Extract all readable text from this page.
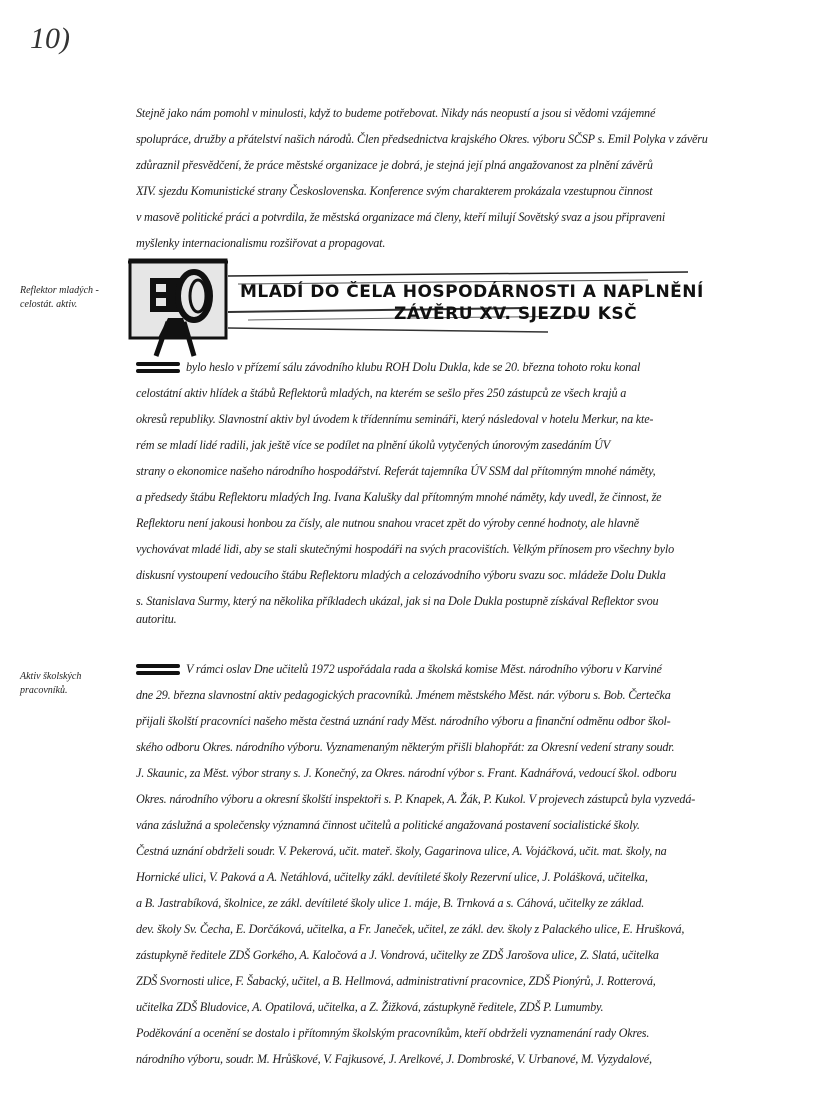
10)
Stejně jako nám pomohl v minulosti, když to budeme potřebovat. Nikdy nás neopustí a jsou si vědomi vzájemné
spolupráce, družby a přátelství našich národů. Člen předsednictva krajského Okres. výboru SČSP s. Emil Polyka v závěru
zdůraznil přesvědčení, že práce městské organizace je dobrá, je stejná její plná angažovanost za plnění závěrů
XIV. sjezdu Komunistické strany Československa. Konference svým charakterem prokázala vzestupnou činnost
v masově politické práci a potvrdila, že městská organizace má členy, kteří milují Sovětský svaz a jsou připraveni
myšlenky internacionalismu rozšiřovat a propagovat.
Reflektor mladých - celostát. aktiv.
MLADÍ DO ČELA HOSPODÁRNOSTI A NAPLNĚNÍ
ZÁVĚRU XV. SJEZDU KSČ
bylo heslo v přízemí sálu závodního klubu ROH Dolu Dukla, kde se 20. března tohoto roku konal
celostátní aktiv hlídek a štábů Reflektorů mladých, na kterém se sešlo přes 250 zástupců ze všech krajů a
okresů republiky. Slavnostní aktiv byl úvodem k třídennímu semináři, který následoval v hotelu Merkur, na kte-
rém se mladí lidé radili, jak ještě více se podílet na plnění úkolů vytyčených únorovým zasedáním ÚV
strany o ekonomice našeho národního hospodářství. Referát tajemníka ÚV SSM dal přítomným mnohé náměty,
a předsedy štábu Reflektoru mladých Ing. Ivana Kalušky dal přítomným mnohé náměty, kdy uvedl, že činnost, že
Reflektoru není jakousi honbou za čísly, ale nutnou snahou vracet zpět do výroby cenné hodnoty, ale hlavně
vychovávat mladé lidi, aby se stali skutečnými hospodáři na svých pracovištích. Velkým přínosem pro všechny bylo
diskusní vystoupení vedoucího štábu Reflektoru mladých a celozávodního výboru svazu soc. mládeže Dolu Dukla
s. Stanislava Surmy, který na několika příkladech ukázal, jak si na Dole Dukla postupně získával Reflektor svou
autoritu.
Aktiv školských pracovníků.
V rámci oslav Dne učitelů 1972 uspořádala rada a školská komise Měst. národního výboru v Karviné
dne 29. března slavnostní aktiv pedagogických pracovníků. Jménem městského Měst. nár. výboru s. Bob. Čertečka
přijali školští pracovníci našeho města čestná uznání rady Měst. národního výboru a finanční odměnu odbor škol-
ského odboru Okres. národního výboru. Vyznamenaným některým přišli blahopřát: za Okresní vedení strany soudr.
J. Skaunic, za Měst. výbor strany s. J. Konečný, za Okres. národní výbor s. Frant. Kadnářová, vedoucí škol. odboru
Okres. národního výboru a okresní školští inspektoři s. P. Knapek, A. Žák, P. Kukol. V projevech zástupců byla vyzvedá-
vána záslužná a společensky významná činnost učitelů a politické angažovaná postavení socialistické školy.
Čestná uznání obdrželi soudr. V. Pekerová, učit. mateř. školy, Gagarinova ulice, A. Vojáčková, učit. mat. školy, na
Hornické ulici, V. Paková a A. Netáhlová, učitelky zákl. devítileté školy Rezervní ulice, J. Polášková, učitelka,
a B. Jastrabíková, školnice, ze zákl. devítileté školy ulice 1. máje, B. Trnková a s. Cáhová, učitelky ze základ.
dev. školy Sv. Čecha, E. Dorčáková, učitelka, a Fr. Janeček, učitel, ze zákl. dev. školy z Palackého ulice, E. Hrušková,
zástupkyně ředitele ZDŠ Gorkého, A. Kaločová a J. Vondrová, učitelky ze ZDŠ Jarošova ulice, Z. Slatá, učitelka
ZDŠ Svornosti ulice, F. Šabacký, učitel, a B. Hellmová, administrativní pracovnice, ZDŠ Pionýrů, J. Rotterová,
učitelka ZDŠ Bludovice, A. Opatilová, učitelka, a Z. Žižková, zástupkyně ředitele, ZDŠ P. Lumumby.
Poděkování a ocenění se dostalo i přítomným školským pracovníkům, kteří obdrželi vyznamenání rady Okres.
národního výboru, soudr. M. Hrůškové, V. Fajkusové, J. Arelkové, J. Dombroské, V. Urbanové, M. Vyzydalové,
